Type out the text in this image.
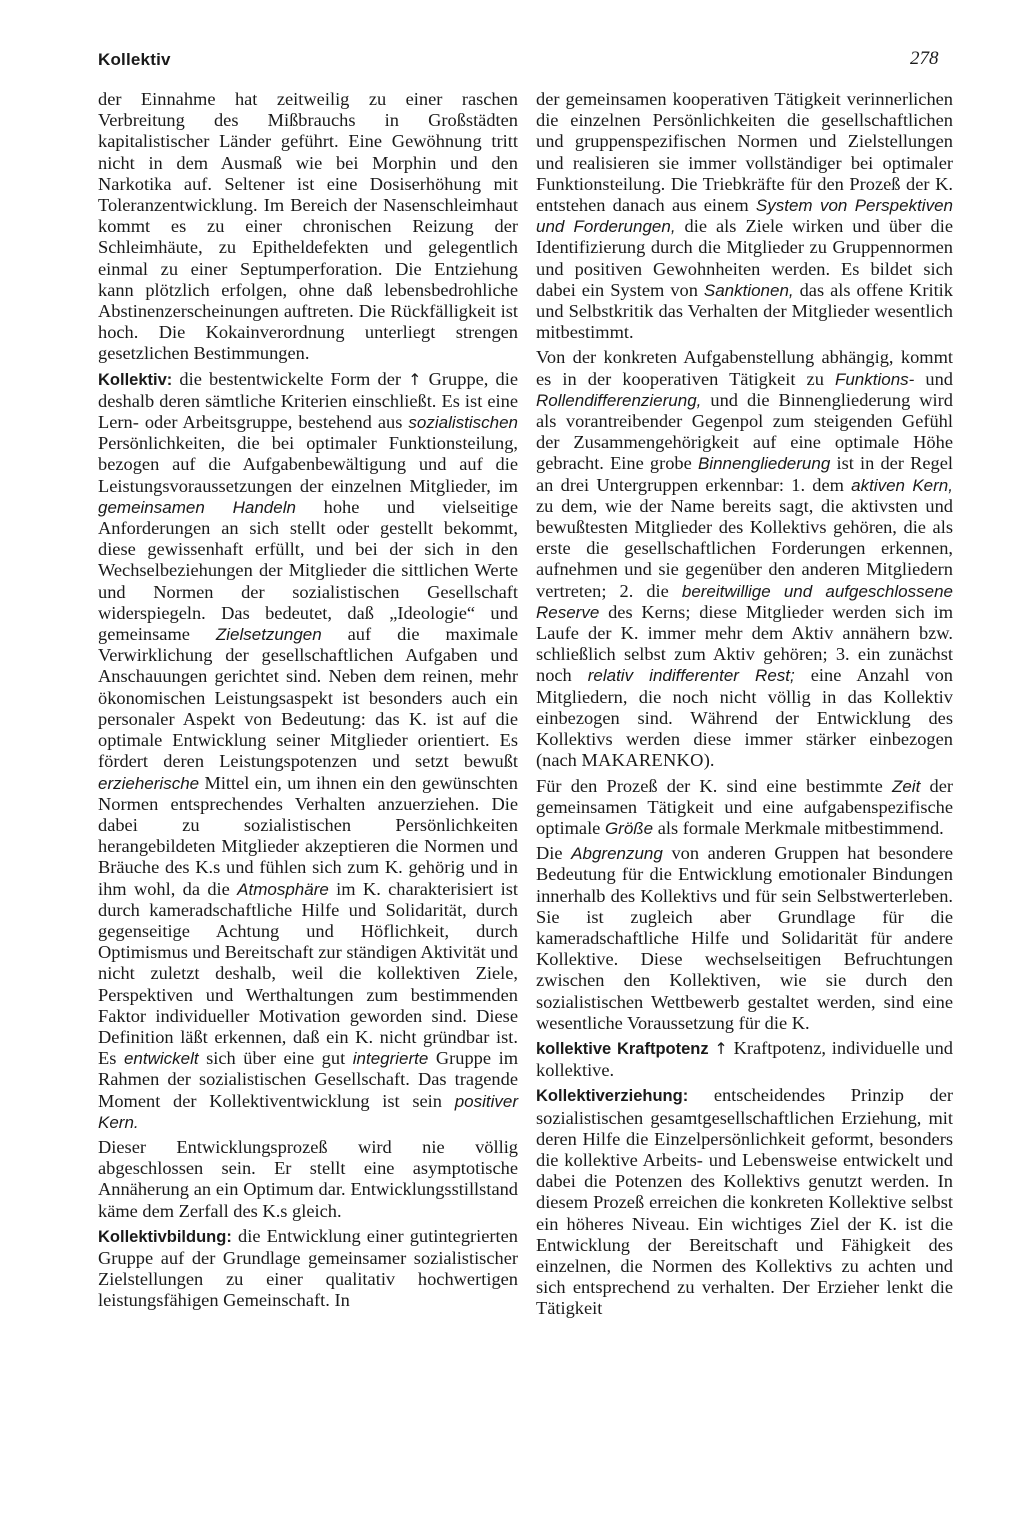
Kollektiv	278

der Einnahme hat zeitweilig zu einer raschen Verbreitung des Mißbrauchs in Großstädten kapitalistischer Länder geführt. Eine Gewöhnung tritt nicht in dem Ausmaß wie bei Morphin und den Narkotika auf. Seltener ist eine Dosiserhöhung mit Toleranzentwicklung. Im Bereich der Nasenschleimhaut kommt es zu einer chronischen Reizung der Schleimhäute, zu Epitheldefekten und gelegentlich einmal zu einer Septumperforation. Die Entziehung kann plötzlich erfolgen, ohne daß lebensbedrohliche Abstinenzerscheinungen auftreten. Die Rückfälligkeit ist hoch. Die Kokainverordnung unterliegt strengen gesetzlichen Bestimmungen.

Kollektiv: die bestentwickelte Form der ↑ Gruppe, die deshalb deren sämtliche Kriterien einschließt. Es ist eine Lern- oder Arbeitsgruppe, bestehend aus sozialistischen Persönlichkeiten, die bei optimaler Funktionsteilung, bezogen auf die Aufgabenbewältigung und auf die Leistungsvoraussetzungen der einzelnen Mitglieder, im gemeinsamen Handeln hohe und vielseitige Anforderungen an sich stellt oder gestellt bekommt, diese gewissenhaft erfüllt, und bei der sich in den Wechselbeziehungen der Mitglieder die sittlichen Werte und Normen der sozialistischen Gesellschaft widerspiegeln. Das bedeutet, daß „Ideologie“ und gemeinsame Zielsetzungen auf die maximale Verwirklichung der gesellschaftlichen Aufgaben und Anschauungen gerichtet sind. Neben dem reinen, mehr ökonomischen Leistungsaspekt ist besonders auch ein personaler Aspekt von Bedeutung: das K. ist auf die optimale Entwicklung seiner Mitglieder orientiert. Es fördert deren Leistungspotenzen und setzt bewußt erzieherische Mittel ein, um ihnen ein den gewünschten Normen entsprechendes Verhalten anzuerziehen. Die dabei zu sozialistischen Persönlichkeiten herangebildeten Mitglieder akzeptieren die Normen und Bräuche des K.s und fühlen sich zum K. gehörig und in ihm wohl, da die Atmosphäre im K. charakterisiert ist durch kameradschaftliche Hilfe und Solidarität, durch gegenseitige Achtung und Höflichkeit, durch Optimismus und Bereitschaft zur ständigen Aktivität und nicht zuletzt deshalb, weil die kollektiven Ziele, Perspektiven und Werthaltungen zum bestimmenden Faktor individueller Motivation geworden sind. Diese Definition läßt erkennen, daß ein K. nicht gründbar ist. Es entwickelt sich über eine gut integrierte Gruppe im Rahmen der sozialistischen Gesellschaft. Das tragende Moment der Kollektiventwicklung ist sein positiver Kern.

Dieser Entwicklungsprozeß wird nie völlig abgeschlossen sein. Er stellt eine asymptotische Annäherung an ein Optimum dar. Entwicklungsstillstand käme dem Zerfall des K.s gleich.

Kollektivbildung: die Entwicklung einer gutintegrierten Gruppe auf der Grundlage gemeinsamer sozialistischer Zielstellungen zu einer qualitativ hochwertigen leistungsfähigen Gemeinschaft. In

der gemeinsamen kooperativen Tätigkeit verinnerlichen die einzelnen Persönlichkeiten die gesellschaftlichen und gruppenspezifischen Normen und Zielstellungen und realisieren sie immer vollständiger bei optimaler Funktionsteilung. Die Triebkräfte für den Prozeß der K. entstehen danach aus einem System von Perspektiven und Forderungen, die als Ziele wirken und über die Identifizierung durch die Mitglieder zu Gruppennormen und positiven Gewohnheiten werden. Es bildet sich dabei ein System von Sanktionen, das als offene Kritik und Selbstkritik das Verhalten der Mitglieder wesentlich mitbestimmt.

Von der konkreten Aufgabenstellung abhängig, kommt es in der kooperativen Tätigkeit zu Funktions- und Rollendifferenzierung, und die Binnengliederung wird als vorantreibender Gegenpol zum steigenden Gefühl der Zusammengehörigkeit auf eine optimale Höhe gebracht. Eine grobe Binnengliederung ist in der Regel an drei Untergruppen erkennbar: 1. dem aktiven Kern, zu dem, wie der Name bereits sagt, die aktivsten und bewußtesten Mitglieder des Kollektivs gehören, die als erste die gesellschaftlichen Forderungen erkennen, aufnehmen und sie gegenüber den anderen Mitgliedern vertreten; 2. die bereitwillige und aufgeschlossene Reserve des Kerns; diese Mitglieder werden sich im Laufe der K. immer mehr dem Aktiv annähern bzw. schließlich selbst zum Aktiv gehören; 3. ein zunächst noch relativ indifferenter Rest; eine Anzahl von Mitgliedern, die noch nicht völlig in das Kollektiv einbezogen sind. Während der Entwicklung des Kollektivs werden diese immer stärker einbezogen (nach MAKARENKO).

Für den Prozeß der K. sind eine bestimmte Zeit der gemeinsamen Tätigkeit und eine aufgabenspezifische optimale Größe als formale Merkmale mitbestimmend.

Die Abgrenzung von anderen Gruppen hat besondere Bedeutung für die Entwicklung emotionaler Bindungen innerhalb des Kollektivs und für sein Selbstwerterleben. Sie ist zugleich aber Grundlage für die kameradschaftliche Hilfe und Solidarität für andere Kollektive. Diese wechselseitigen Befruchtungen zwischen den Kollektiven, wie sie durch den sozialistischen Wettbewerb gestaltet werden, sind eine wesentliche Voraussetzung für die K.

kollektive Kraftpotenz ↑ Kraftpotenz, individuelle und kollektive.

Kollektiverziehung: entscheidendes Prinzip der sozialistischen gesamtgesellschaftlichen Erziehung, mit deren Hilfe die Einzelpersönlichkeit geformt, besonders die kollektive Arbeits- und Lebensweise entwickelt und dabei die Potenzen des Kollektivs genutzt werden. In diesem Prozeß erreichen die konkreten Kollektive selbst ein höheres Niveau. Ein wichtiges Ziel der K. ist die Entwicklung der Bereitschaft und Fähigkeit des einzelnen, die Normen des Kollektivs zu achten und sich entsprechend zu verhalten. Der Erzieher lenkt die Tätigkeit
